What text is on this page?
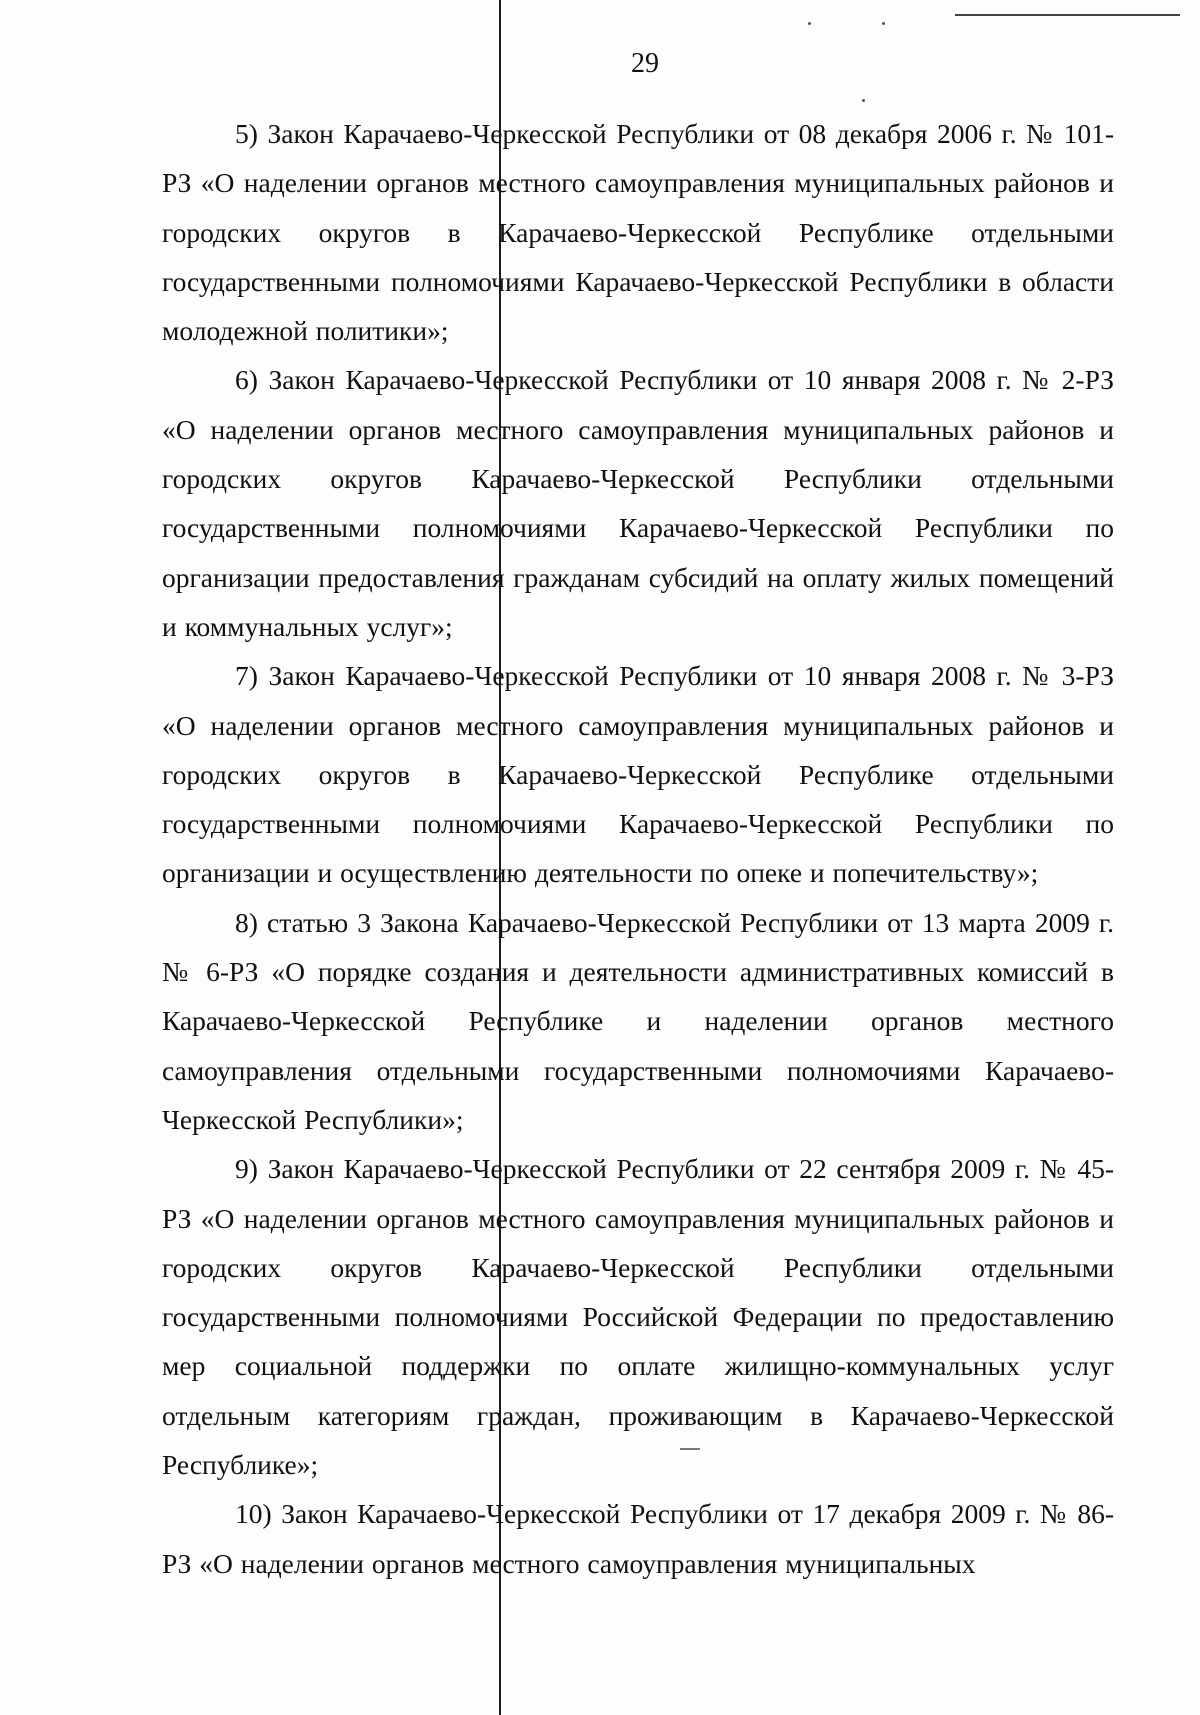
29

5) Закон Карачаево-Черкесской Республики от 08 декабря 2006 г. № 101-РЗ «О наделении органов местного самоуправления муниципальных районов и городских округов в Карачаево-Черкесской Республике отдельными государственными полномочиями Карачаево-Черкесской Республики в области молодежной политики»;

6) Закон Карачаево-Черкесской Республики от 10 января 2008 г. № 2-РЗ «О наделении органов местного самоуправления муниципальных районов и городских округов Карачаево-Черкесской Республики отдельными государственными полномочиями Карачаево-Черкесской Республики по организации предоставления гражданам субсидий на оплату жилых помещений и коммунальных услуг»;

7) Закон Карачаево-Черкесской Республики от 10 января 2008 г. № 3-РЗ «О наделении органов местного самоуправления муниципальных районов и городских округов в Карачаево-Черкесской Республике отдельными государственными полномочиями Карачаево-Черкесской Республики по организации и осуществлению деятельности по опеке и попечительству»;

8) статью 3 Закона Карачаево-Черкесской Республики от 13 марта 2009 г. № 6-РЗ «О порядке создания и деятельности административных комиссий в Карачаево-Черкесской Республике и наделении органов местного самоуправления отдельными государственными полномочиями Карачаево-Черкесской Республики»;

9) Закон Карачаево-Черкесской Республики от 22 сентября 2009 г. № 45-РЗ «О наделении органов местного самоуправления муниципальных районов и городских округов Карачаево-Черкесской Республики отдельными государственными полномочиями Российской Федерации по предоставлению мер социальной поддержки по оплате жилищно-коммунальных услуг отдельным категориям граждан, проживающим в Карачаево-Черкесской Республике»;

10) Закон Карачаево-Черкесской Республики от 17 декабря 2009 г. № 86-РЗ «О наделении органов местного самоуправления муниципальных
